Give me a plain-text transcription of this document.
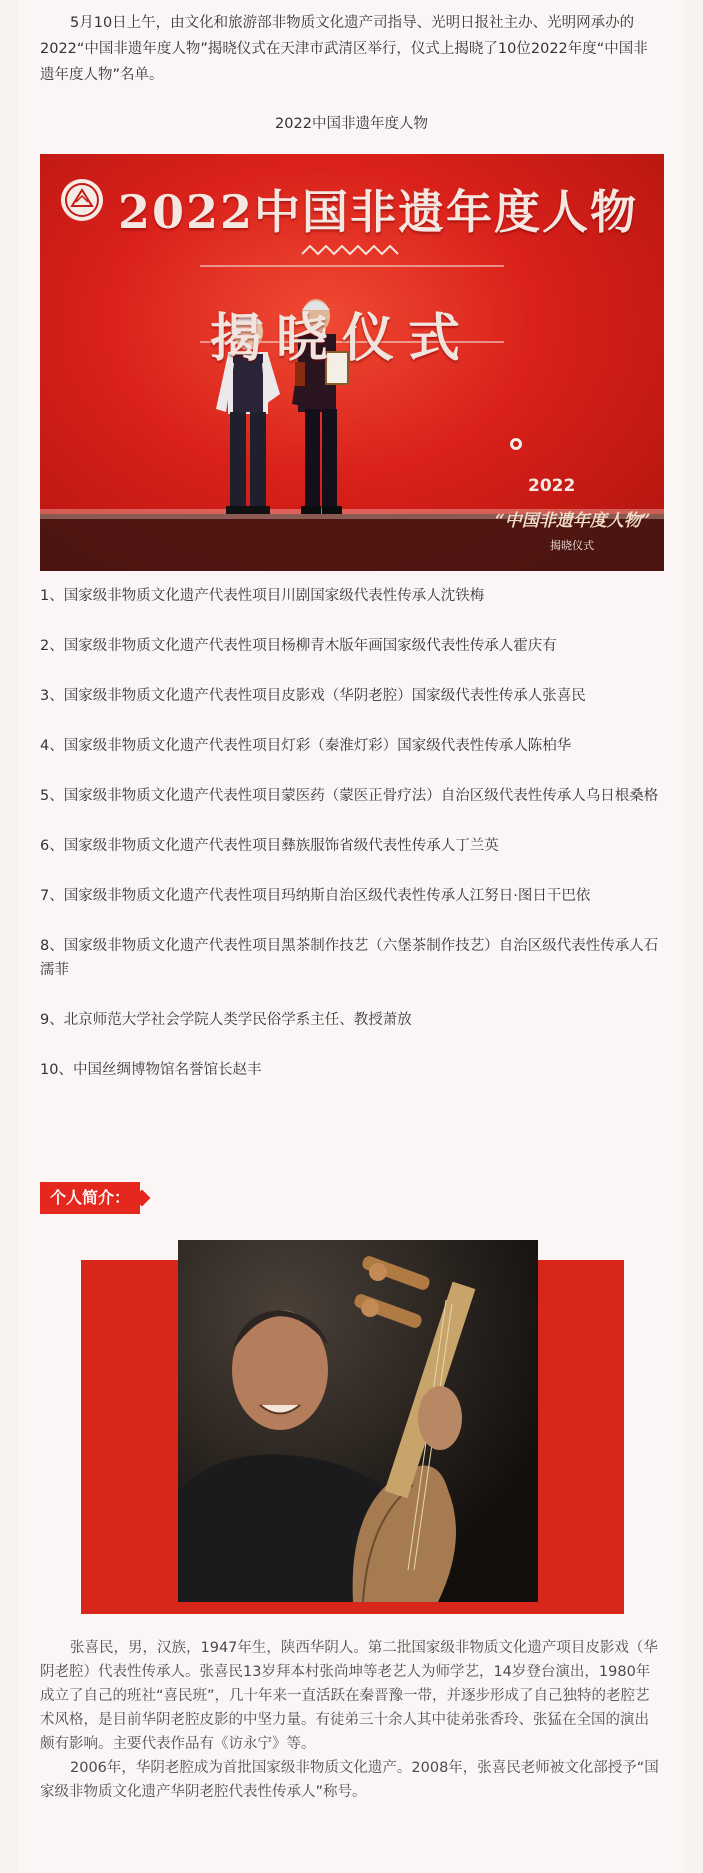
5月10日上午，由文化和旅游部非物质文化遗产司指导、光明日报社主办、光明网承办的2022“中国非遗年度人物”揭晓仪式在天津市武清区举行，仪式上揭晓了10位2022年度“中国非遗年度人物”名单。

2022中国非遗年度人物
2022中国非遗年度人物
揭晓仪式
2022
“中国非遗年度人物”
揭晓仪式
1、国家级非物质文化遗产代表性项目川剧国家级代表性传承人沈铁梅
2、国家级非物质文化遗产代表性项目杨柳青木版年画国家级代表性传承人霍庆有
3、国家级非物质文化遗产代表性项目皮影戏（华阴老腔）国家级代表性传承人张喜民
4、国家级非物质文化遗产代表性项目灯彩（秦淮灯彩）国家级代表性传承人陈柏华
5、国家级非物质文化遗产代表性项目蒙医药（蒙医正骨疗法）自治区级代表性传承人乌日根桑格
6、国家级非物质文化遗产代表性项目彝族服饰省级代表性传承人丁兰英
7、国家级非物质文化遗产代表性项目玛纳斯自治区级代表性传承人江努日·图日干巴依
8、国家级非物质文化遗产代表性项目黑茶制作技艺（六堡茶制作技艺）自治区级代表性传承人石濡菲
9、北京师范大学社会学院人类学民俗学系主任、教授萧放
10、中国丝绸博物馆名誉馆长赵丰
个人简介：

张喜民，男，汉族，1947年生，陕西华阴人。第二批国家级非物质文化遗产项目皮影戏（华阴老腔）代表性传承人。张喜民13岁拜本村张尚坤等老艺人为师学艺，14岁登台演出，1980年成立了自己的班社“喜民班”，几十年来一直活跃在秦晋豫一带，并逐步形成了自己独特的老腔艺术风格，是目前华阴老腔皮影的中坚力量。有徒弟三十余人其中徒弟张香玲、张猛在全国的演出颇有影响。主要代表作品有《访永宁》等。

2006年，华阴老腔成为首批国家级非物质文化遗产。2008年，张喜民老师被文化部授予“国家级非物质文化遗产华阴老腔代表性传承人”称号。
